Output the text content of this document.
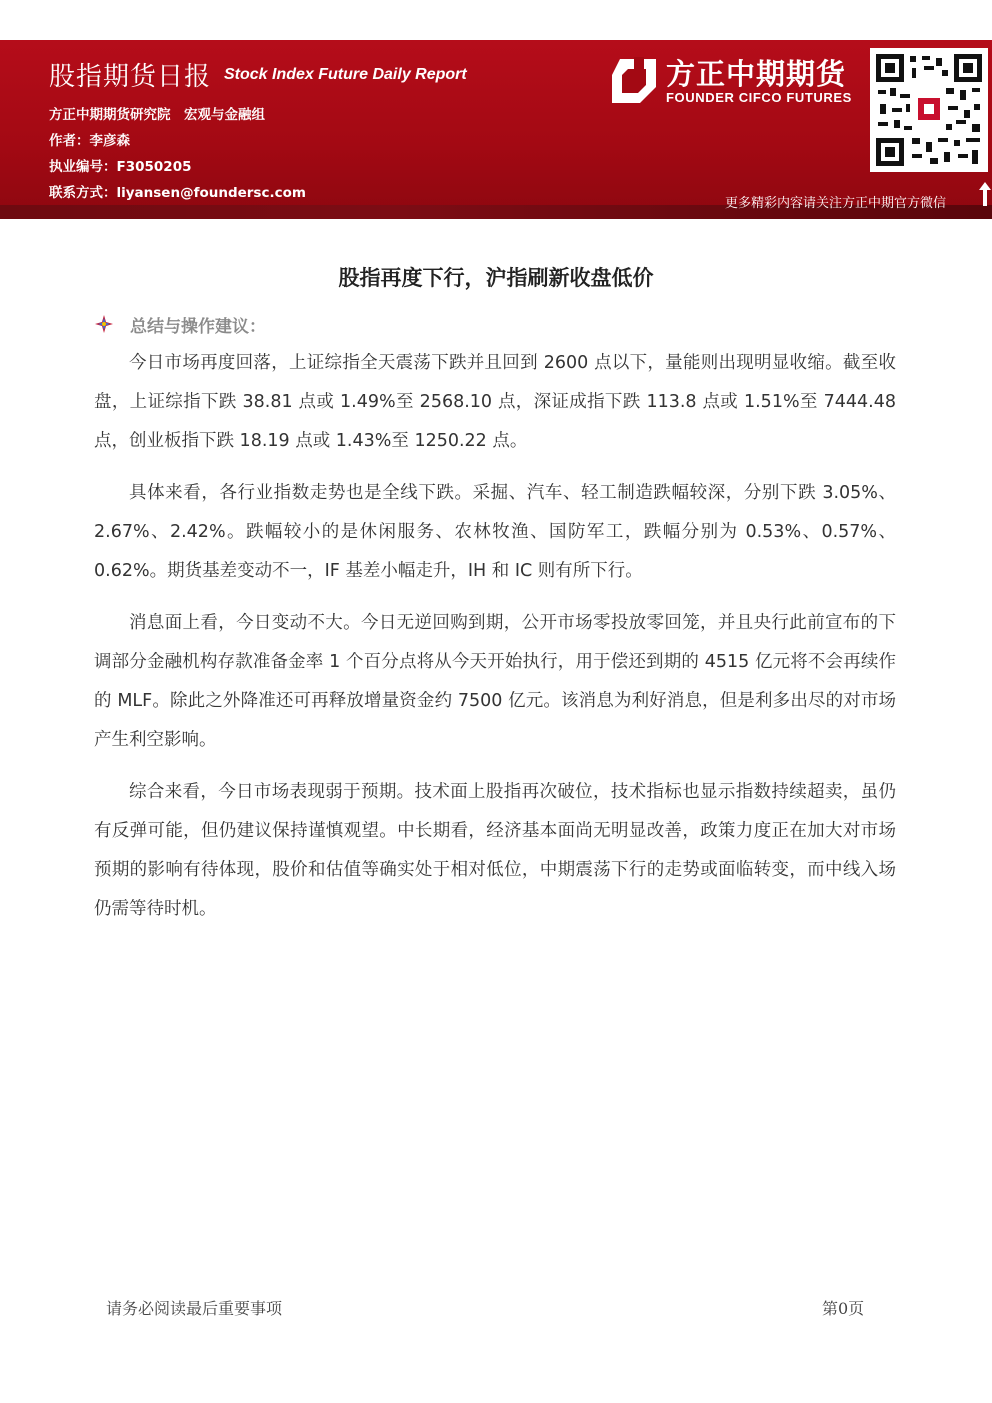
股指期货日报 Stock Index Future Daily Report
方正中期期货研究院　宏观与金融组
作者：李彦森
执业编号：F3050205
联系方式：liyansen@foundersc.com
方正中期期货
FOUNDER CIFCO FUTURES
更多精彩内容请关注方正中期官方微信
股指再度下行，沪指刷新收盘低价
总结与操作建议：

今日市场再度回落，上证综指全天震荡下跌并且回到 2600 点以下，量能则出现明显收缩。截至收盘，上证综指下跌 38.81 点或 1.49%至 2568.10 点，深证成指下跌 113.8 点或 1.51%至 7444.48 点，创业板指下跌 18.19 点或 1.43%至 1250.22 点。

具体来看，各行业指数走势也是全线下跌。采掘、汽车、轻工制造跌幅较深，分别下跌 3.05%、2.67%、2.42%。跌幅较小的是休闲服务、农林牧渔、国防军工，跌幅分别为 0.53%、0.57%、0.62%。期货基差变动不一，IF 基差小幅走升，IH 和 IC 则有所下行。

消息面上看，今日变动不大。今日无逆回购到期，公开市场零投放零回笼，并且央行此前宣布的下调部分金融机构存款准备金率 1 个百分点将从今天开始执行，用于偿还到期的 4515 亿元将不会再续作的 MLF。除此之外降准还可再释放增量资金约 7500 亿元。该消息为利好消息，但是利多出尽的对市场产生利空影响。

综合来看，今日市场表现弱于预期。技术面上股指再次破位，技术指标也显示指数持续超卖，虽仍有反弹可能，但仍建议保持谨慎观望。中长期看，经济基本面尚无明显改善，政策力度正在加大对市场预期的影响有待体现，股价和估值等确实处于相对低位，中期震荡下行的走势或面临转变，而中线入场仍需等待时机。

请务必阅读最后重要事项	第0页
